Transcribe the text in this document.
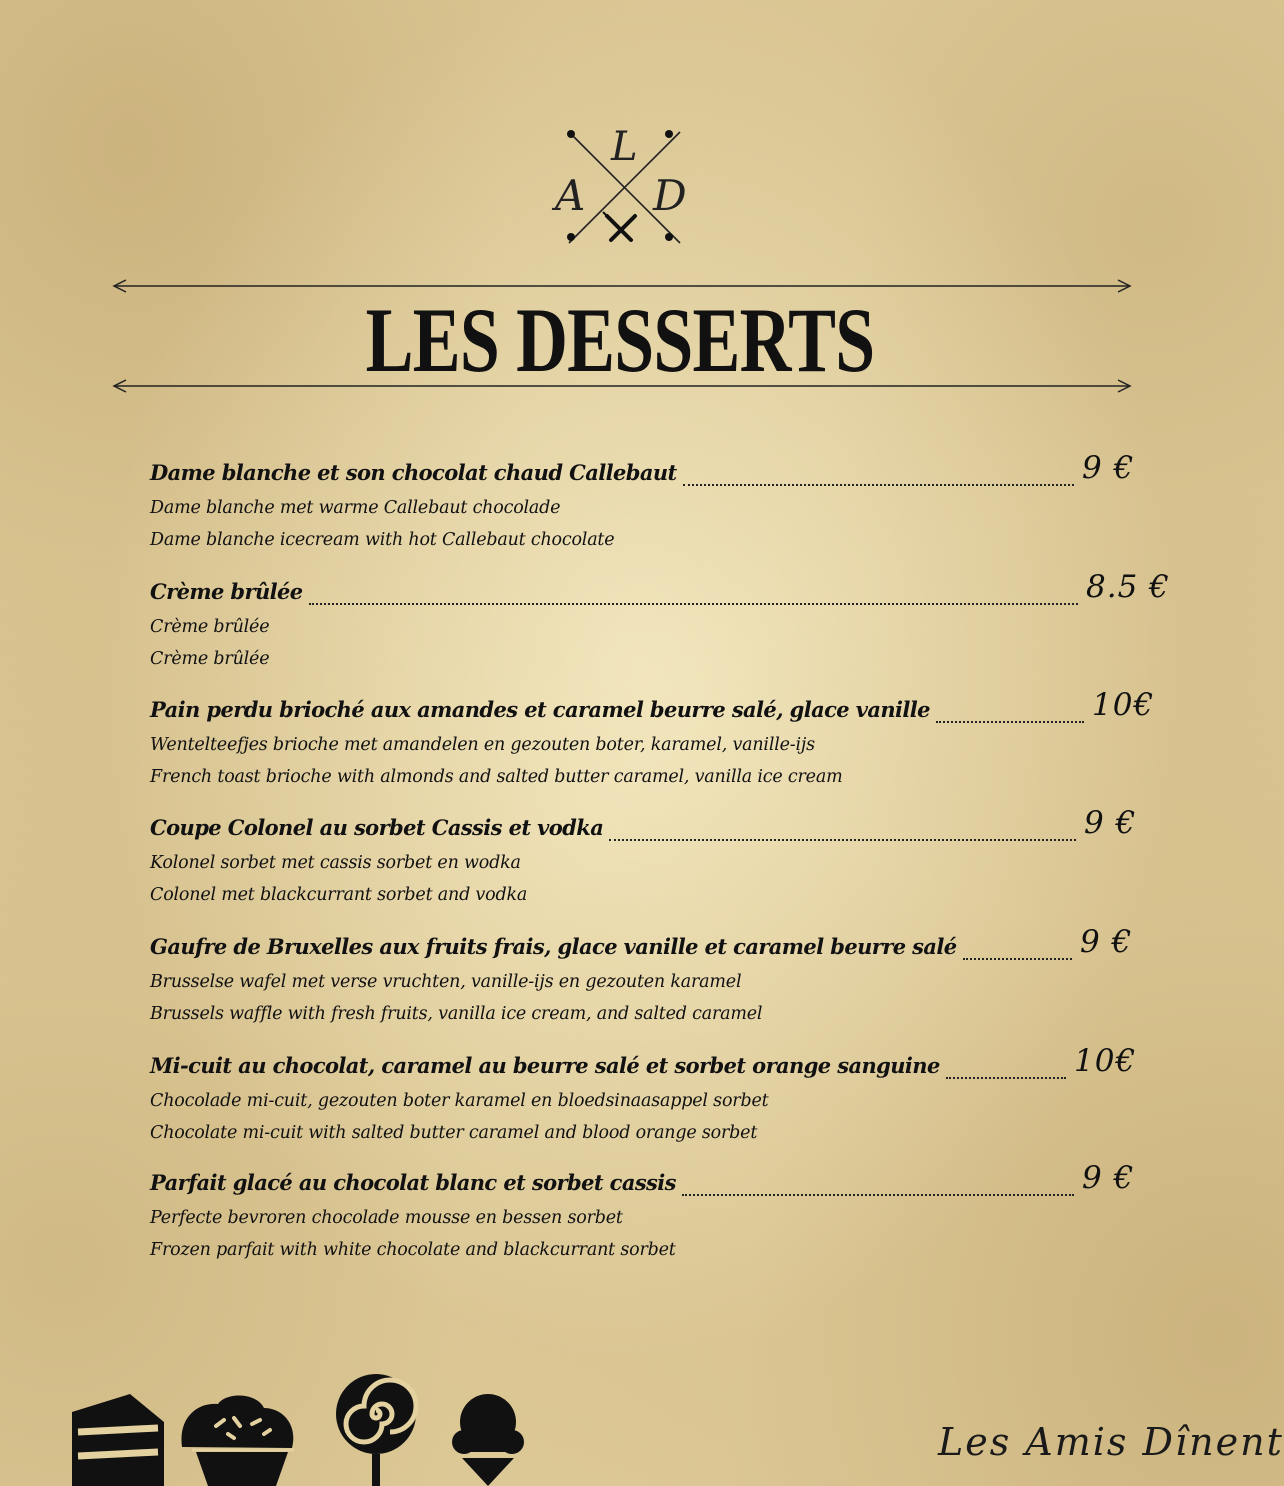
L
A D
LES DESSERTS
Dame blanche et son chocolat chaud Callebaut	9 €
Dame blanche met warme Callebaut chocolade
Dame blanche icecream with hot Callebaut chocolate
Crème brûlée	8.5 €
Crème brûlée
Crème brûlée
Pain perdu brioché aux amandes et caramel beurre salé, glace vanille	10€
Wentelteefjes brioche met amandelen en gezouten boter, karamel, vanille-ijs
French toast brioche with almonds and salted butter caramel, vanilla ice cream
Coupe Colonel au sorbet Cassis et vodka	9 €
Kolonel sorbet met cassis sorbet en wodka
Colonel met blackcurrant sorbet and vodka
Gaufre de Bruxelles aux fruits frais, glace vanille et caramel beurre salé	9 €
Brusselse wafel met verse vruchten, vanille-ijs en gezouten karamel
Brussels waffle with fresh fruits, vanilla ice cream, and salted caramel
Mi-cuit au chocolat, caramel au beurre salé et sorbet orange sanguine	10€
Chocolade mi-cuit, gezouten boter karamel en bloedsinaasappel sorbet
Chocolate mi-cuit with salted butter caramel and blood orange sorbet
Parfait glacé au chocolat blanc et sorbet cassis	9 €
Perfecte bevroren chocolade mousse en bessen sorbet
Frozen parfait with white chocolate and blackcurrant sorbet
Les Amis Dînent
